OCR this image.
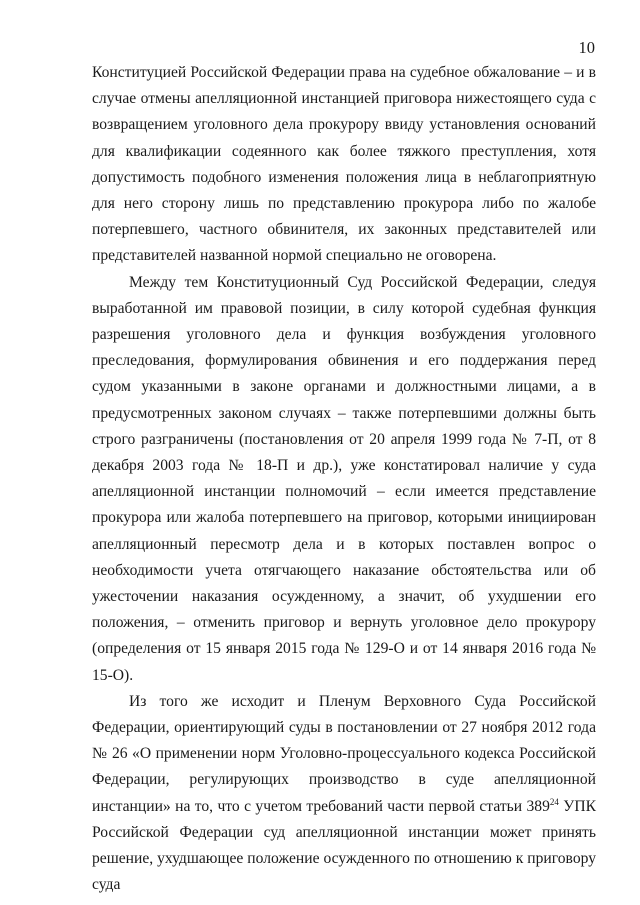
10

Конституцией Российской Федерации права на судебное обжалование – и в случае отмены апелляционной инстанцией приговора нижестоящего суда с возвращением уголовного дела прокурору ввиду установления оснований для квалификации содеянного как более тяжкого преступления, хотя допустимость подобного изменения положения лица в неблагоприятную для него сторону лишь по представлению прокурора либо по жалобе потерпевшего, частного обвинителя, их законных представителей или представителей названной нормой специально не оговорена.

Между тем Конституционный Суд Российской Федерации, следуя выработанной им правовой позиции, в силу которой судебная функция разрешения уголовного дела и функция возбуждения уголовного преследования, формулирования обвинения и его поддержания перед судом указанными в законе органами и должностными лицами, а в предусмотренных законом случаях – также потерпевшими должны быть строго разграничены (постановления от 20 апреля 1999 года № 7-П, от 8 декабря 2003 года № 18-П и др.), уже констатировал наличие у суда апелляционной инстанции полномочий – если имеется представление прокурора или жалоба потерпевшего на приговор, которыми инициирован апелляционный пересмотр дела и в которых поставлен вопрос о необходимости учета отягчающего наказание обстоятельства или об ужесточении наказания осужденному, а значит, об ухудшении его положения, – отменить приговор и вернуть уголовное дело прокурору (определения от 15 января 2015 года № 129-О и от 14 января 2016 года № 15-О).

Из того же исходит и Пленум Верховного Суда Российской Федерации, ориентирующий суды в постановлении от 27 ноября 2012 года № 26 «О применении норм Уголовно-процессуального кодекса Российской Федерации, регулирующих производство в суде апелляционной инстанции» на то, что с учетом требований части первой статьи $389^{24}$ УПК Российской Федерации суд апелляционной инстанции может принять решение, ухудшающее положение осужденного по отношению к приговору суда
